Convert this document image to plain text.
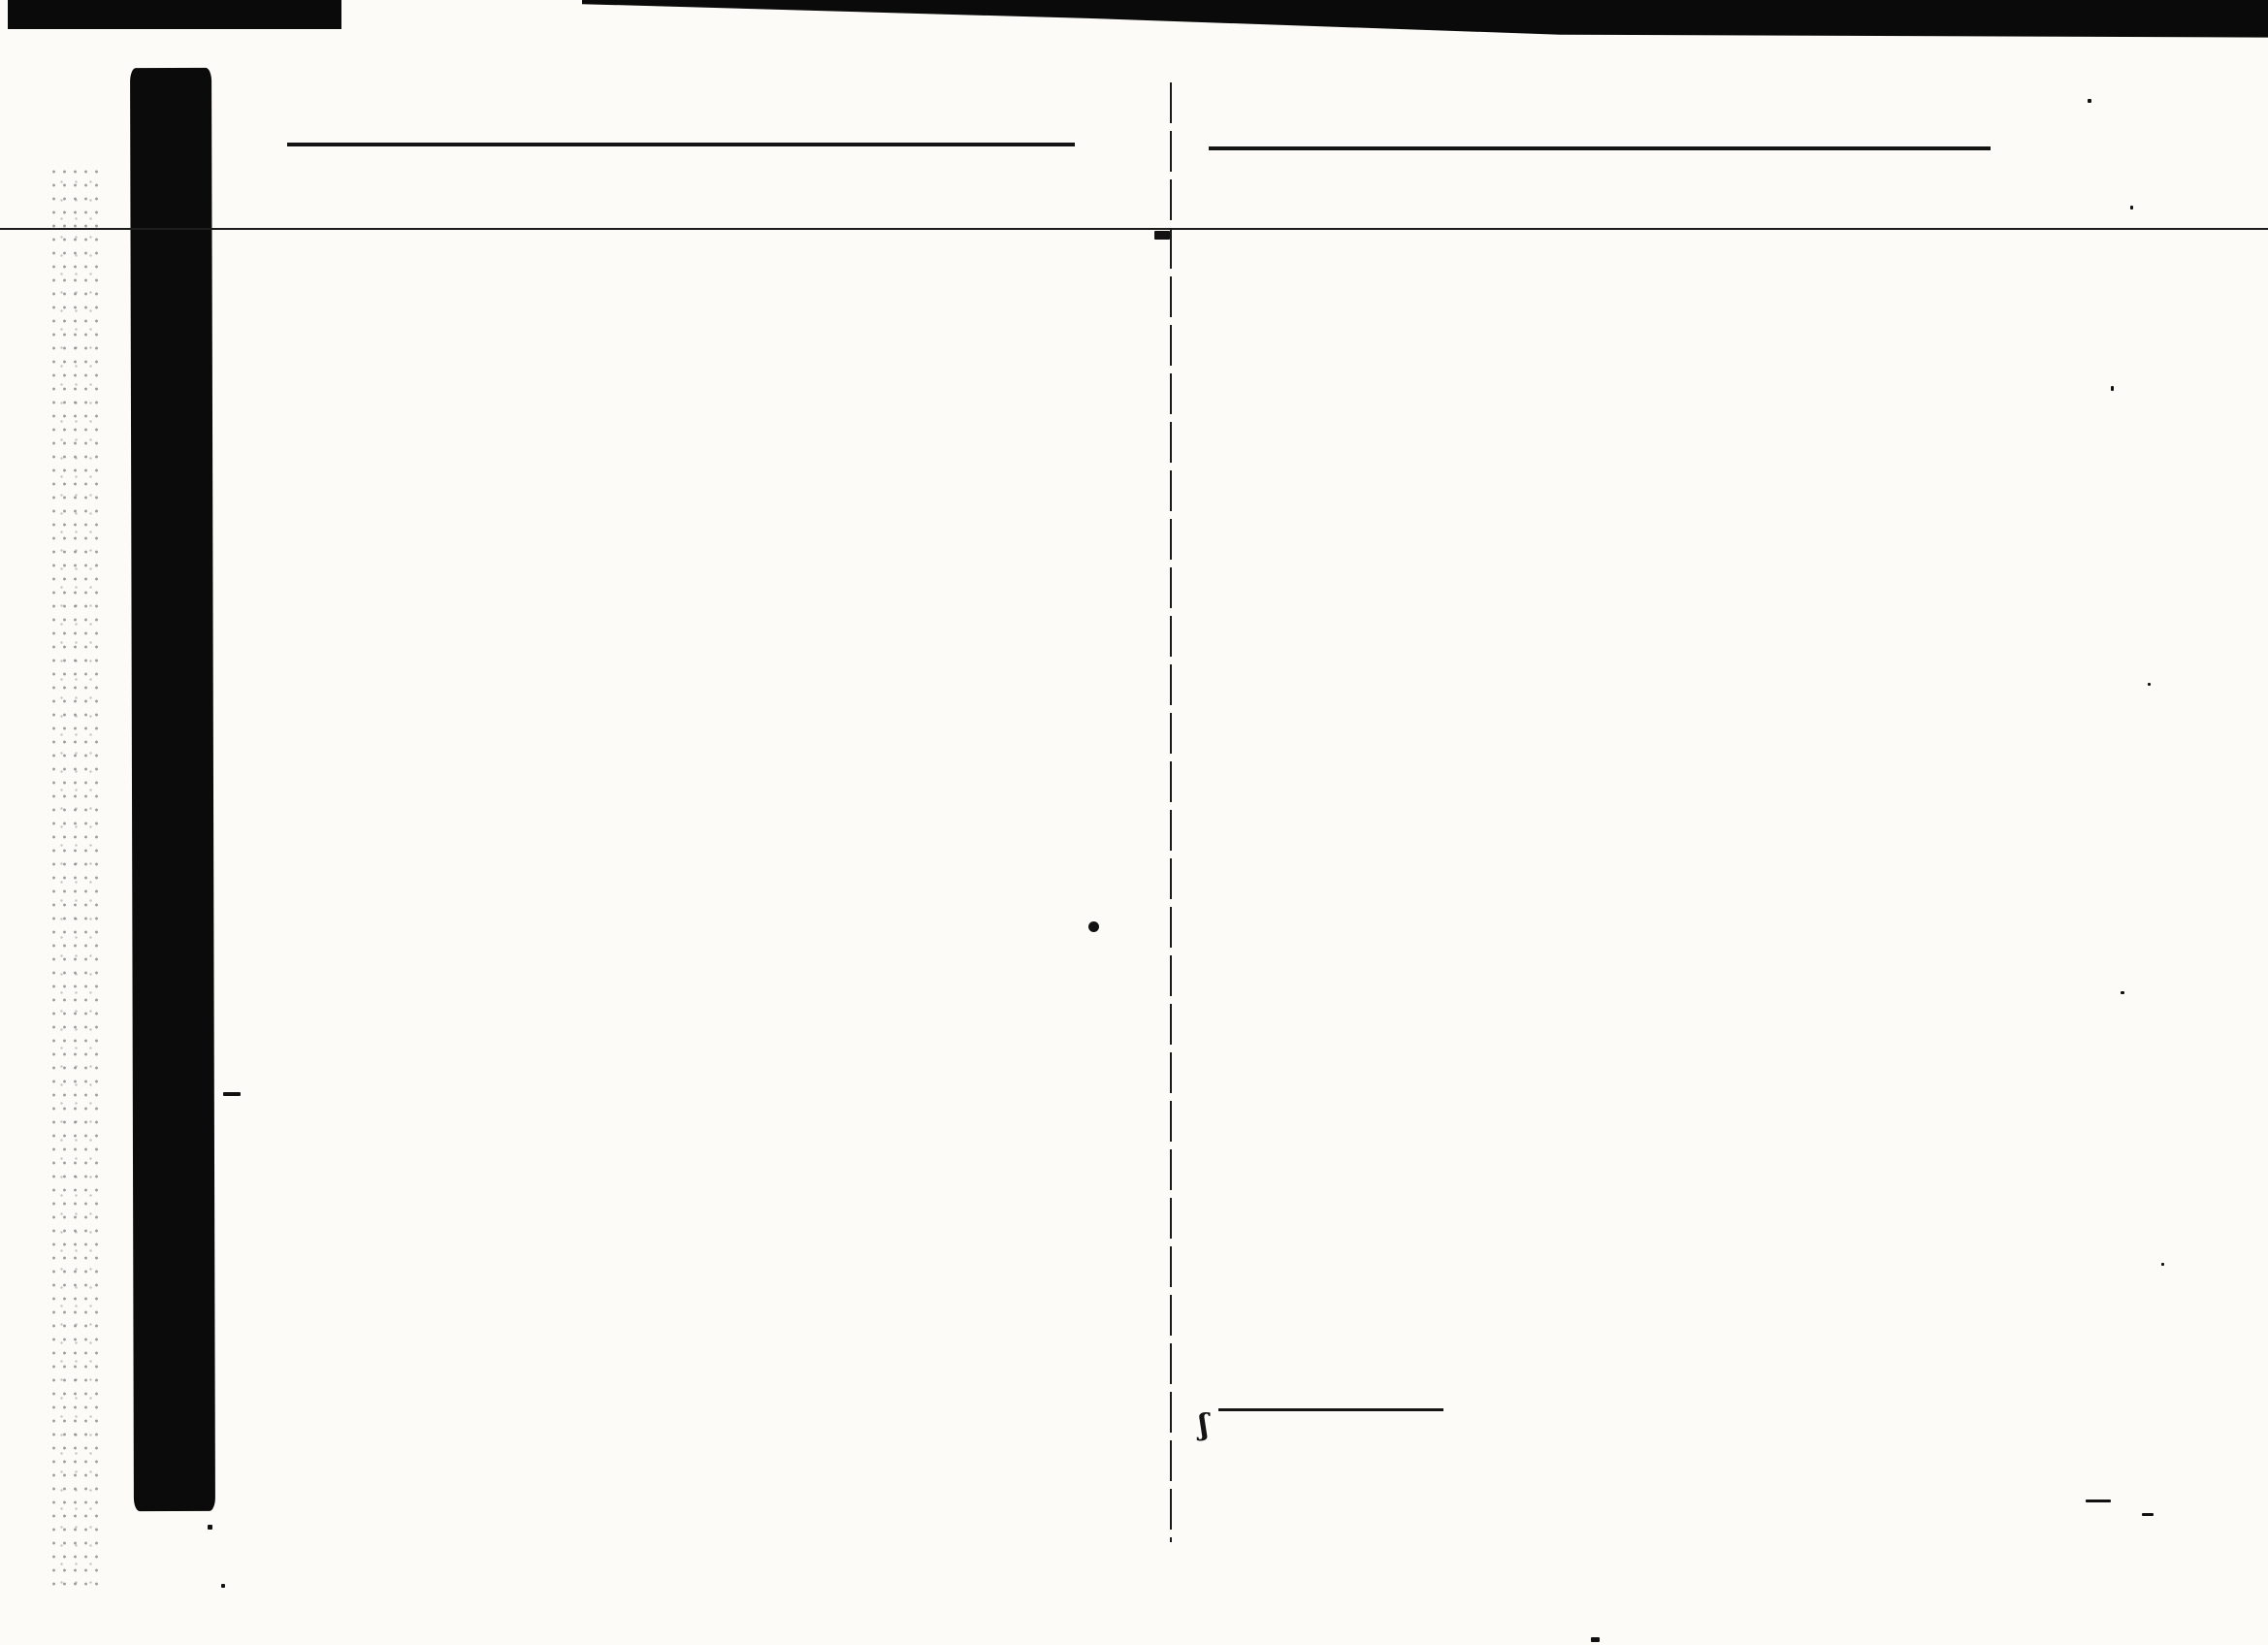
ʃ
